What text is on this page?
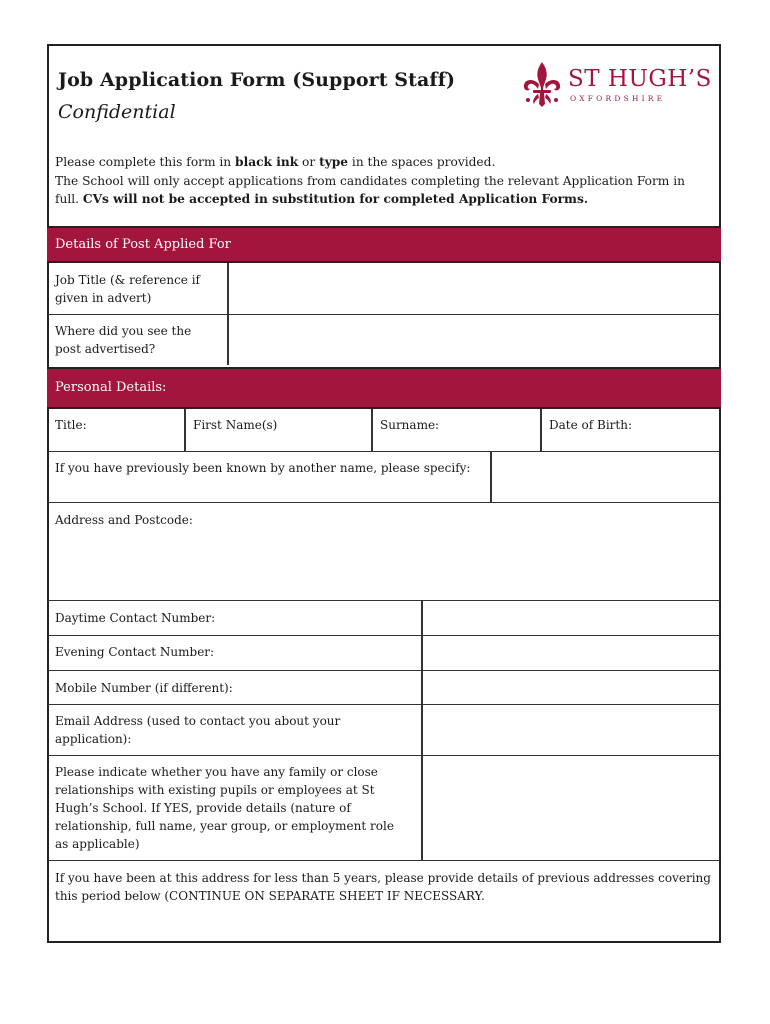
Job Application Form (Support Staff)
Confidential
ST HUGH’S
OXFORDSHIRE
Please complete this form in black ink or type in the spaces provided.
The School will only accept applications from candidates completing the relevant Application Form in
full. CVs will not be accepted in substitution for completed Application Forms.
Details of Post Applied For
Job Title (& reference if given in advert)
Where did you see the post advertised?
Personal Details:
Title:	First Name(s)	Surname:	Date of Birth:
If you have previously been known by another name, please specify:
Address and Postcode:
Daytime Contact Number:
Evening Contact Number:
Mobile Number (if different):
Email Address (used to contact you about your application):
Please indicate whether you have any family or close relationships with existing pupils or employees at St Hugh’s School. If YES, provide details (nature of relationship, full name, year group, or employment role as applicable)
If you have been at this address for less than 5 years, please provide details of previous addresses covering this period below (CONTINUE ON SEPARATE SHEET IF NECESSARY.
